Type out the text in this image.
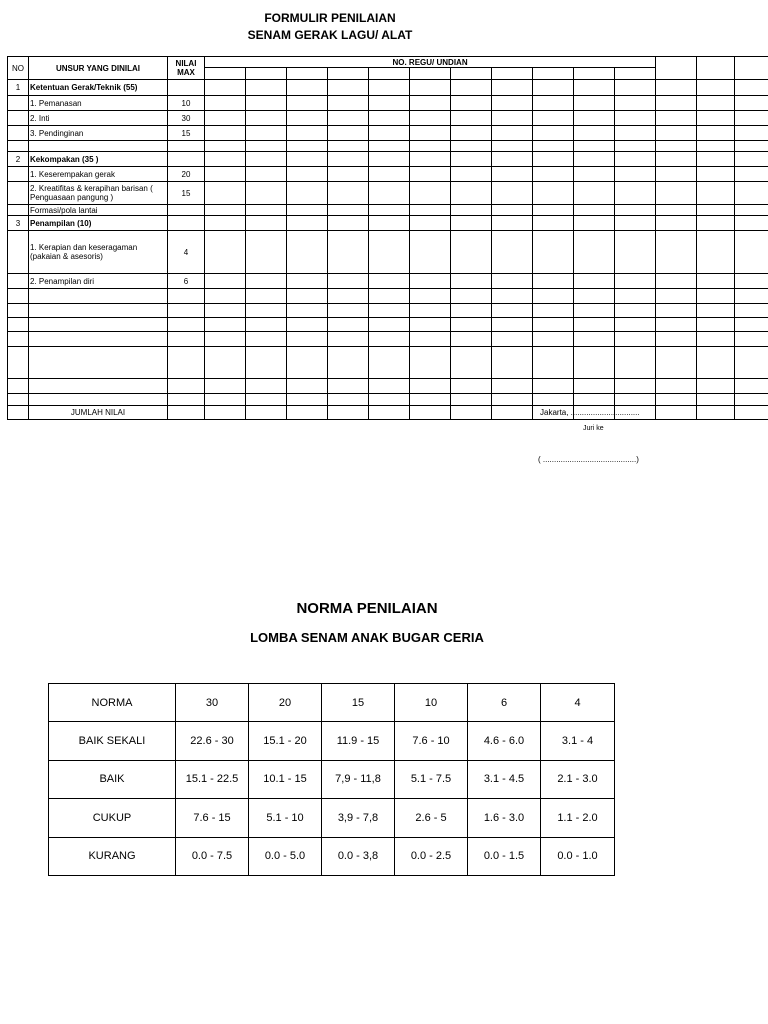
FORMULIR PENILAIAN
SENAM GERAK LAGU/ ALAT
NO	UNSUR YANG DINILAI	NILAI MAX	NO. REGU/ UNDIAN													

1	Ketentuan Gerak/Teknik (55)															
	1. Pemanasan	10														
	2. Inti	30														
	3. Pendinginan	15														

2	Kekompakan (35 )															
	1. Keserempakan gerak	20														
	2. Kreatifitas & kerapihan barisan ( Penguasaan pangung )	15														
	Formasi/pola lantai															
3	Penampilan (10)															
	1. Kerapian dan keseragaman (pakaian & asesoris)	4														
	2. Penampilan diri	6														

	JUMLAH NILAI																Jakarta, ...............................
Juri ke
( ..........................................)
NORMA PENILAIAN
LOMBA SENAM ANAK BUGAR CERIA
NORMA	30	20	15	10	6	4
BAIK SEKALI	22.6 - 30	15.1 - 20	11.9 - 15	7.6 - 10	4.6 - 6.0	3.1 - 4
BAIK	15.1 - 22.5	10.1 - 15	7,9 - 11,8	5.1 - 7.5	3.1 - 4.5	2.1 - 3.0
CUKUP	7.6 - 15	5.1 - 10	3,9 - 7,8	2.6 - 5	1.6 - 3.0	1.1 - 2.0
KURANG	0.0 - 7.5	0.0 - 5.0	0.0 - 3,8	0.0 - 2.5	0.0 - 1.5	0.0 - 1.0
